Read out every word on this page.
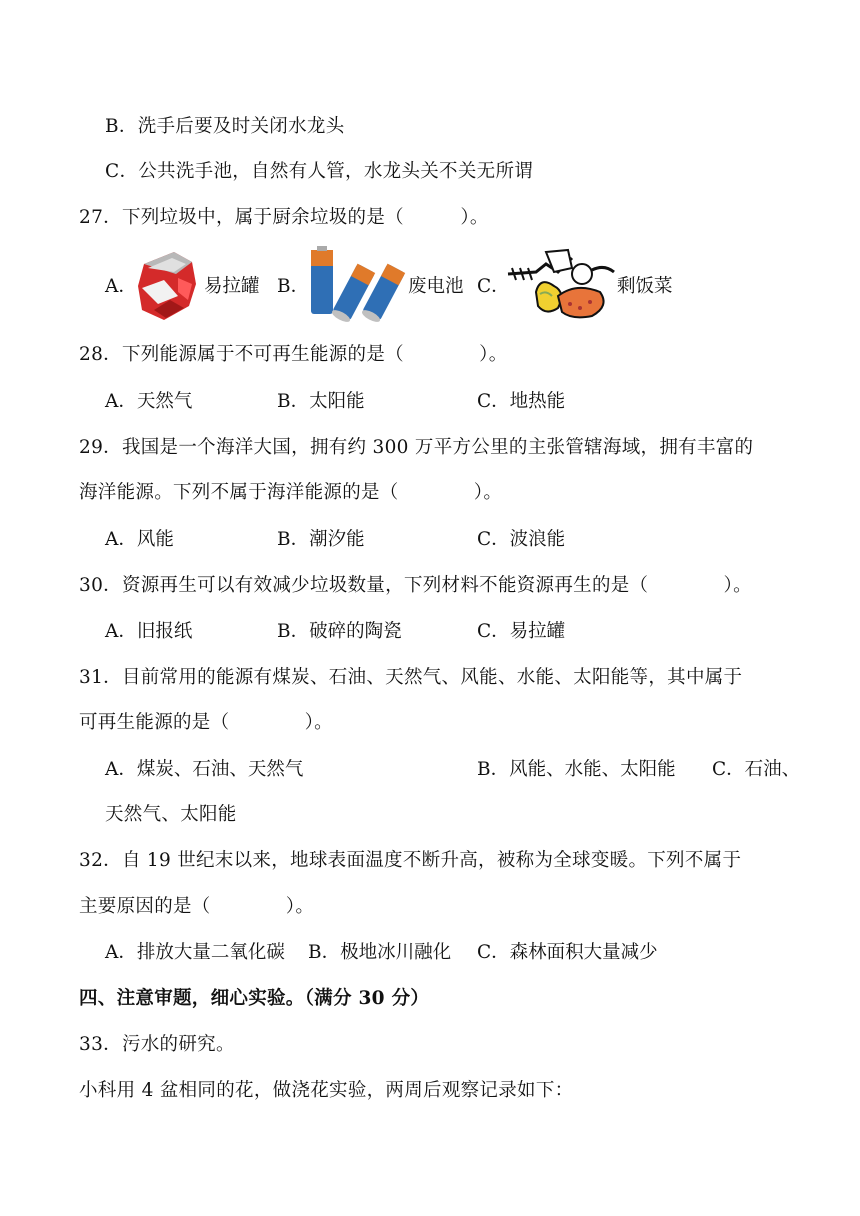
B．洗手后要及时关闭水龙头
C．公共洗手池，自然有人管，水龙头关不关无所谓
27．下列垃圾中，属于厨余垃圾的是（　　　）。
A．	易拉罐 B．	废电池 C．	剩饭菜
28．下列能源属于不可再生能源的是（　　　　）。
A．天然气	B．太阳能	C．地热能
29．我国是一个海洋大国，拥有约 300 万平方公里的主张管辖海域，拥有丰富的
海洋能源。下列不属于海洋能源的是（　　　　）。
A．风能	B．潮汐能	C．波浪能
30．资源再生可以有效减少垃圾数量，下列材料不能资源再生的是（　　　　）。
A．旧报纸	B．破碎的陶瓷	C．易拉罐
31．目前常用的能源有煤炭、石油、天然气、风能、水能、太阳能等，其中属于
可再生能源的是（　　　　）。
A．煤炭、石油、天然气	B．风能、水能、太阳能 C．石油、
天然气、太阳能
32．自 19 世纪末以来，地球表面温度不断升高，被称为全球变暖。下列不属于
主要原因的是（　　　　）。
A．排放大量二氧化碳 B．极地冰川融化 C．森林面积大量减少
四、注意审题，细心实验。（满分 30 分）
33．污水的研究。
小科用 4 盆相同的花，做浇花实验，两周后观察记录如下：
